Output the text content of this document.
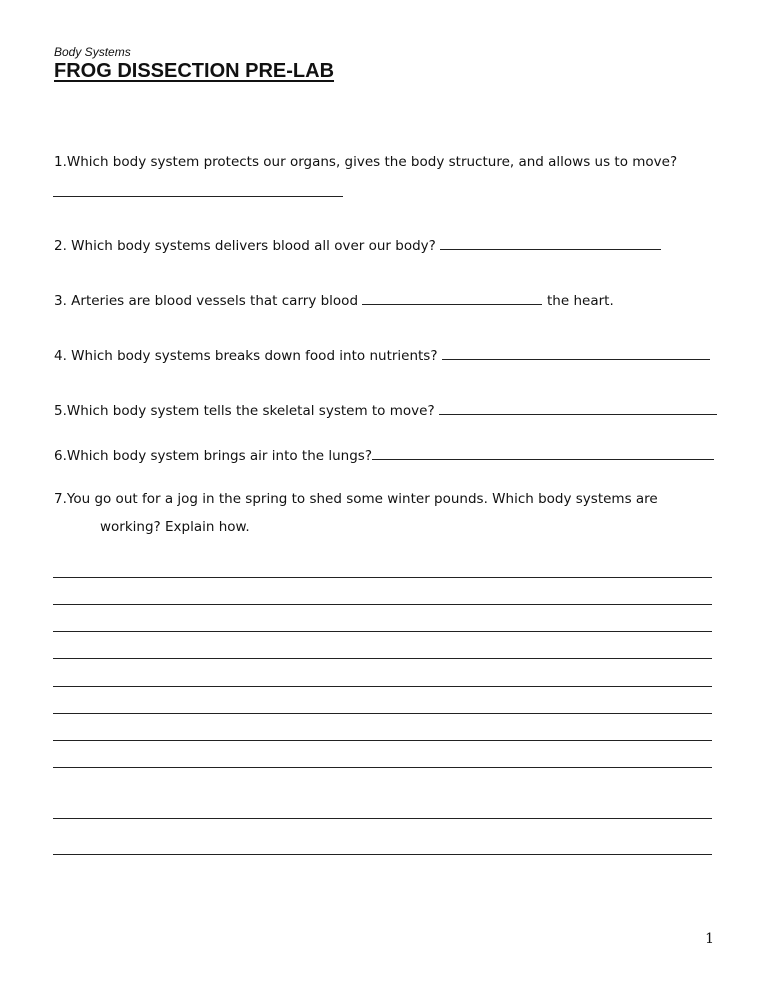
Body Systems
FROG DISSECTION PRE-LAB
1.Which body system protects our organs, gives the body structure, and allows us to move?
2. Which body systems delivers blood all over our body?
3. Arteries are blood vessels that carry blood	the heart.
4. Which body systems breaks down food into nutrients?
5.Which body system tells the skeletal system to move?
6.Which body system brings air into the lungs?
7.You go out for a jog in the spring to shed some winter pounds. Which body systems are
working? Explain how.
1
